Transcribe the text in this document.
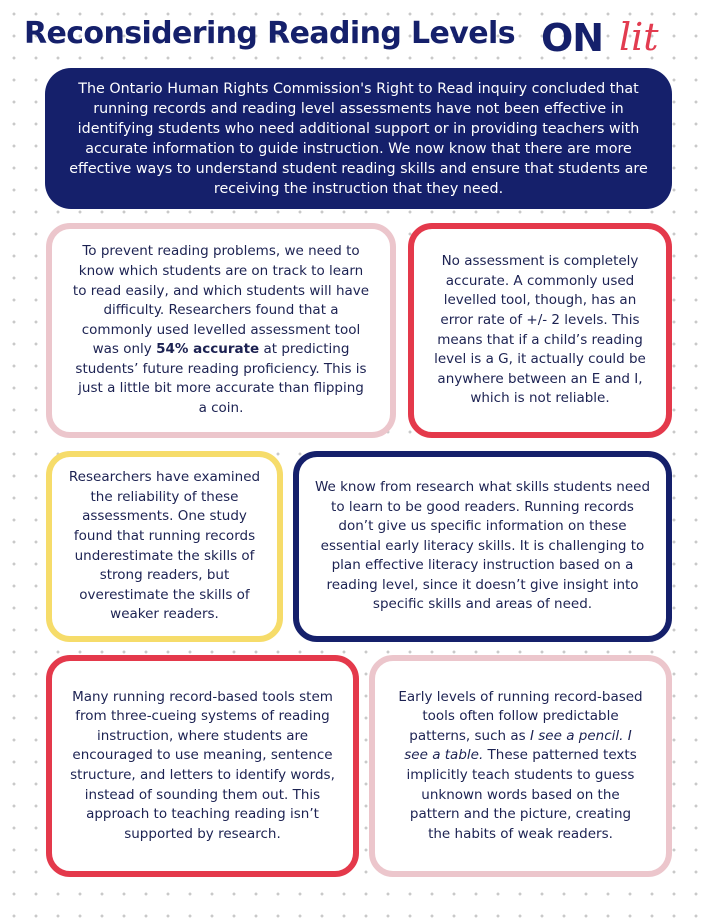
Reconsidering Reading Levels ON lit

The Ontario Human Rights Commission's Right to Read inquiry concluded that running records and reading level assessments have not been effective in identifying students who need additional support or in providing teachers with accurate information to guide instruction. We now know that there are more effective ways to understand student reading skills and ensure that students are receiving the instruction that they need.

To prevent reading problems, we need to know which students are on track to learn to read easily, and which students will have difficulty. Researchers found that a commonly used levelled assessment tool was only 54% accurate at predicting students’ future reading proficiency. This is just a little bit more accurate than flipping a coin.

No assessment is completely accurate. A commonly used levelled tool, though, has an error rate of +/- 2 levels. This means that if a child’s reading level is a G, it actually could be anywhere between an E and I, which is not reliable.

Researchers have examined the reliability of these assessments. One study found that running records underestimate the skills of strong readers, but overestimate the skills of weaker readers.

We know from research what skills students need to learn to be good readers. Running records don’t give us specific information on these essential early literacy skills. It is challenging to plan effective literacy instruction based on a reading level, since it doesn’t give insight into specific skills and areas of need.

Many running record-based tools stem from three-cueing systems of reading instruction, where students are encouraged to use meaning, sentence structure, and letters to identify words, instead of sounding them out. This approach to teaching reading isn’t supported by research.

Early levels of running record-based tools often follow predictable patterns, such as I see a pencil. I see a table. These patterned texts implicitly teach students to guess unknown words based on the pattern and the picture, creating the habits of weak readers.
